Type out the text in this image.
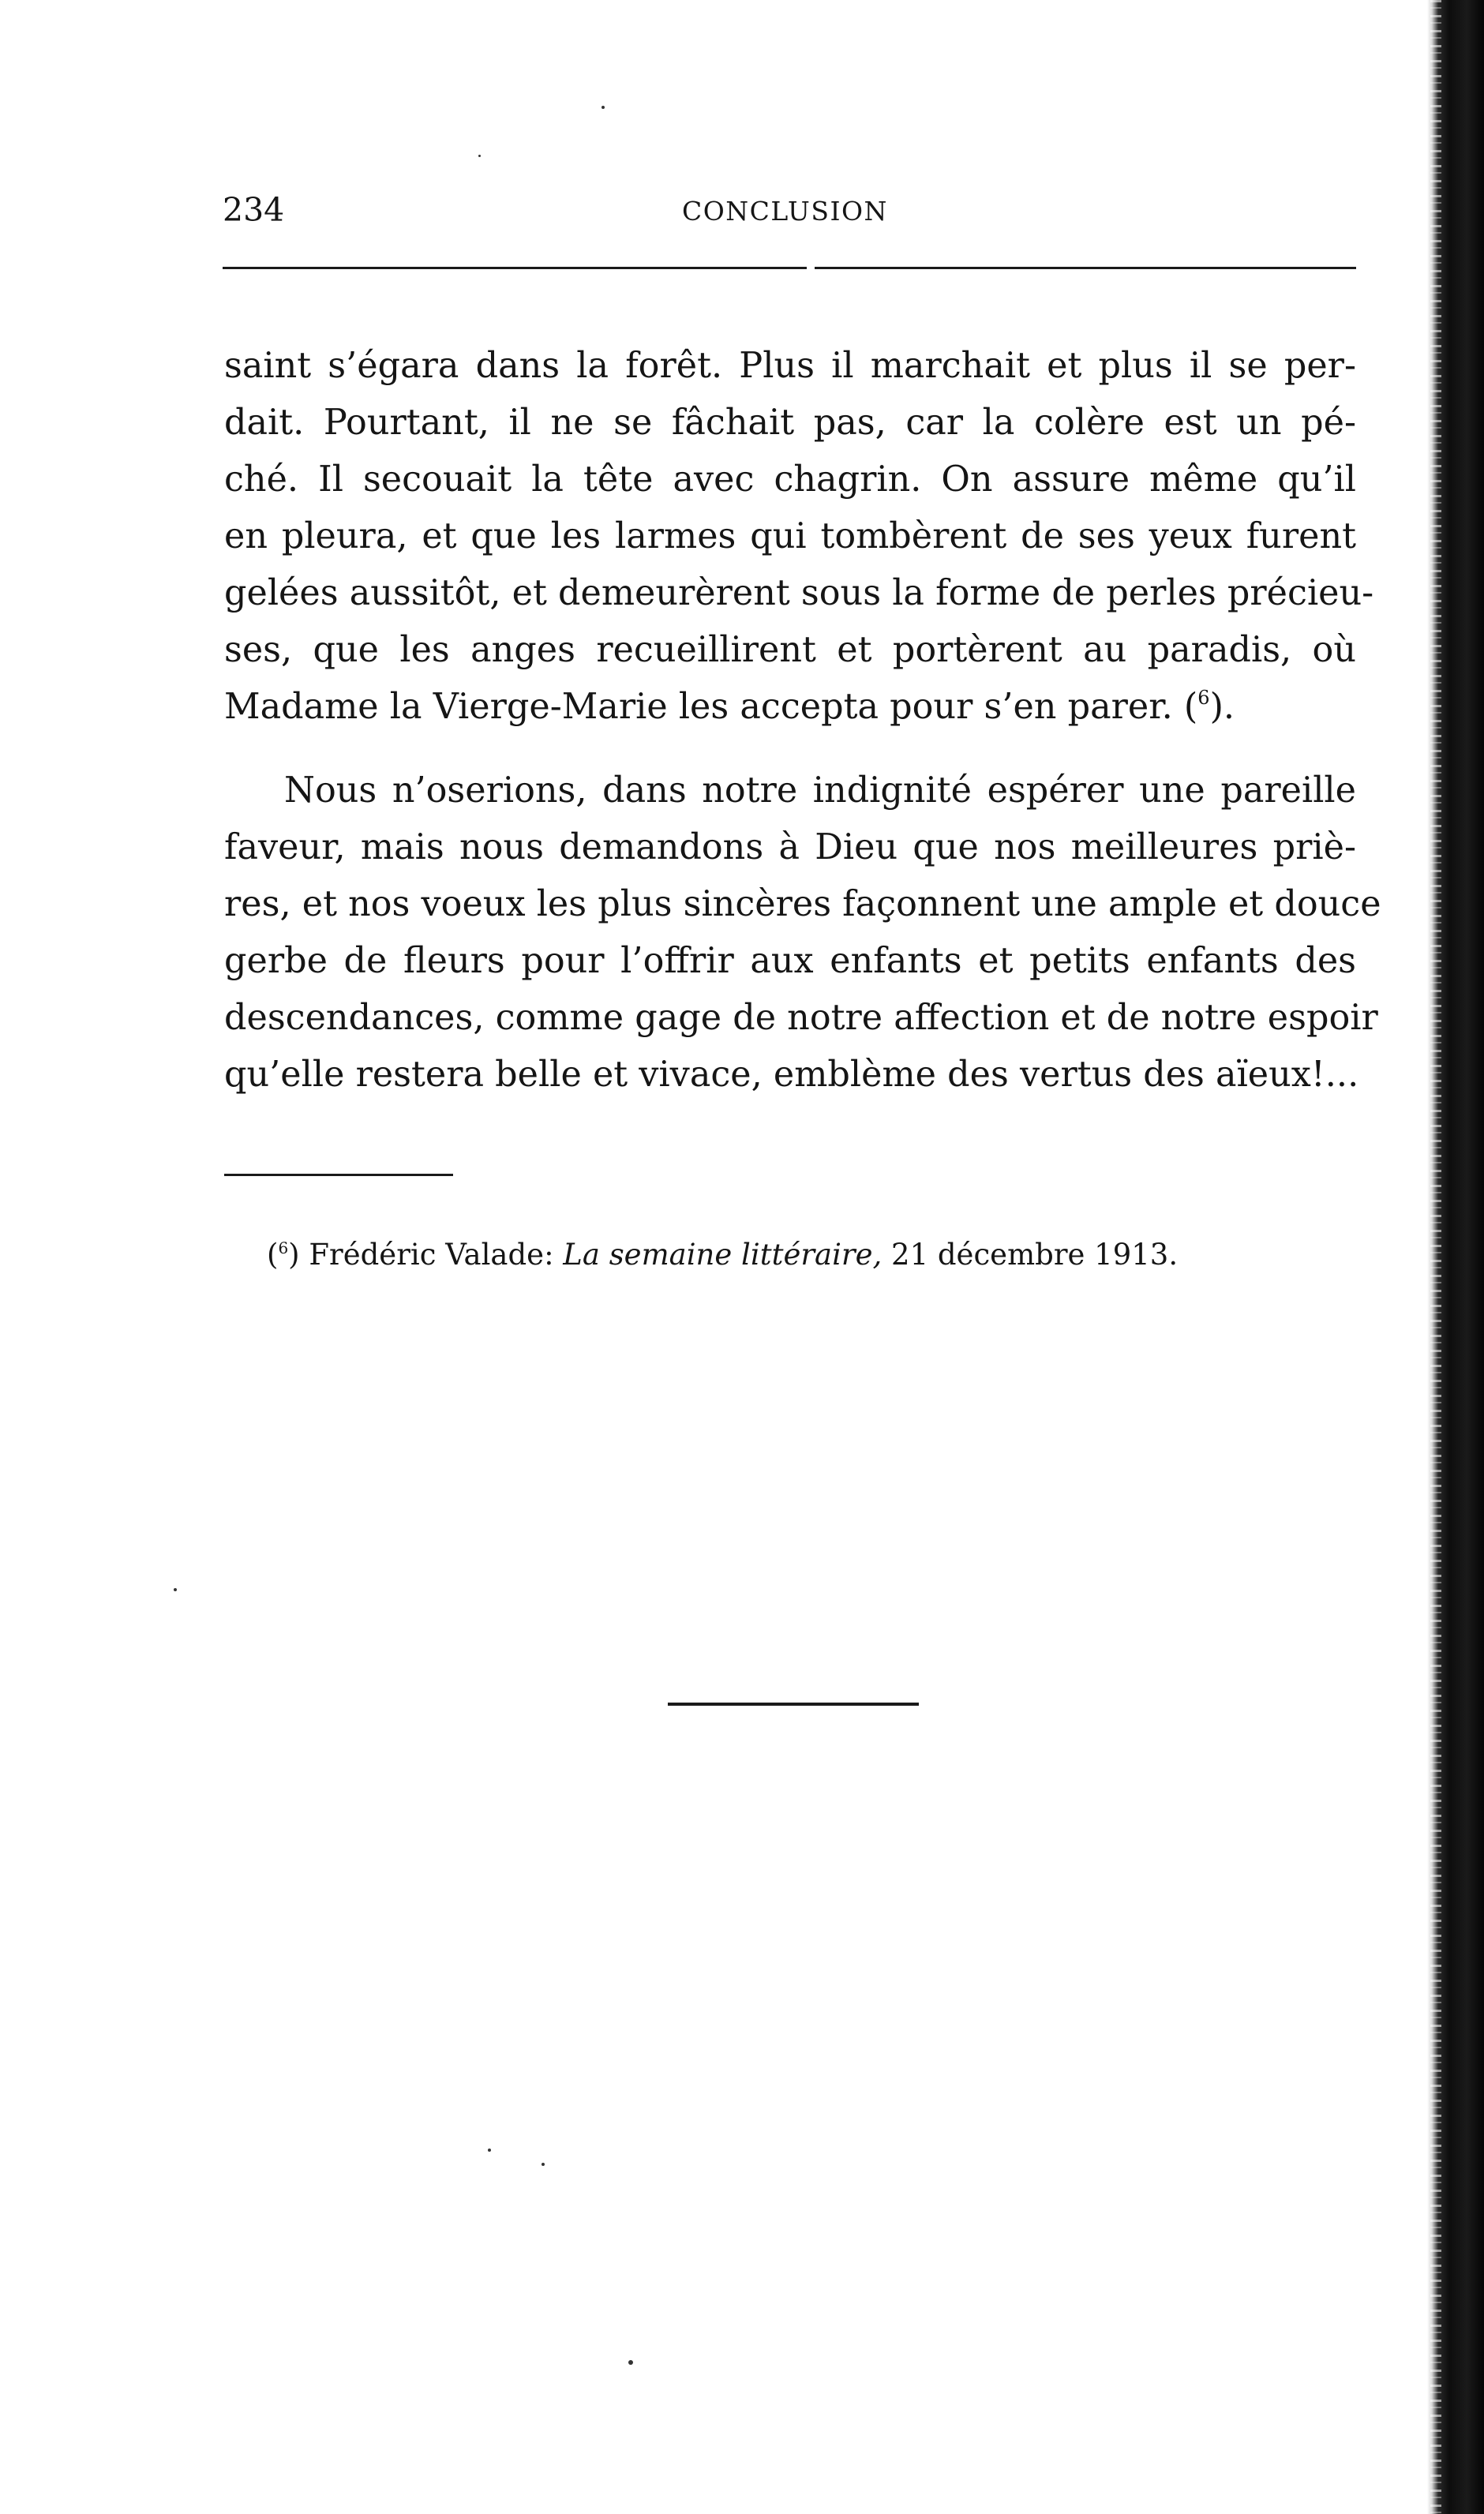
234	CONCLUSION

saint s’égara dans la forêt. Plus il marchait et plus il se per-
dait. Pourtant, il ne se fâchait pas, car la colère est un pé-
ché. Il secouait la tête avec chagrin. On assure même qu’il
en pleura, et que les larmes qui tombèrent de ses yeux furent
gelées aussitôt, et demeurèrent sous la forme de perles précieu-
ses, que les anges recueillirent et portèrent au paradis, où
Madame la Vierge-Marie les accepta pour s’en parer. ($^6$).

Nous n’oserions, dans notre indignité espérer une pareille
faveur, mais nous demandons à Dieu que nos meilleures priè-
res, et nos voeux les plus sincères façonnent une ample et douce
gerbe de fleurs pour l’offrir aux enfants et petits enfants des
descendances, comme gage de notre affection et de notre espoir
qu’elle restera belle et vivace, emblème des vertus des aïeux!...

($^6$) Frédéric Valade: La semaine littéraire, 21 décembre 1913.
